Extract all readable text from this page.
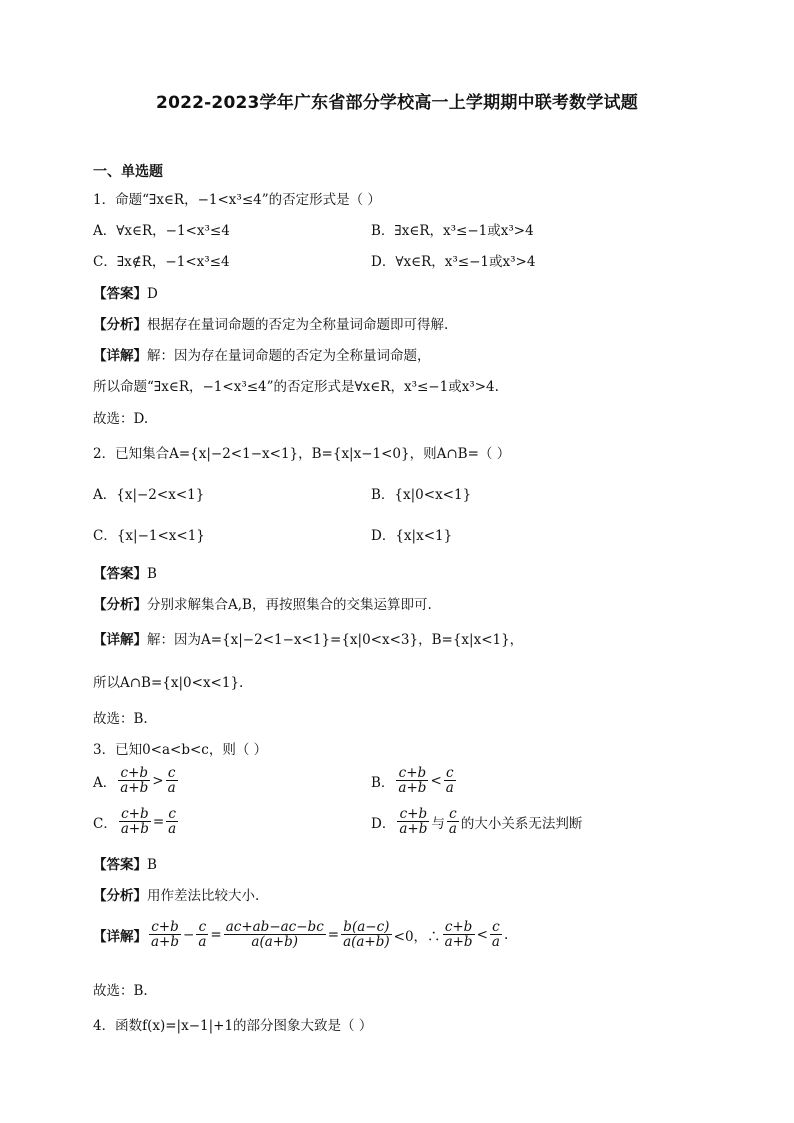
2022-2023学年广东省部分学校高一上学期期中联考数学试题
一、单选题
1．命题“∃x∈R，−1<x³≤4”的否定形式是（ ）
A．∀x∈R，−1<x³≤4	B．∃x∈R，x³≤−1或x³>4
C．∃x∉R，−1<x³≤4	D．∀x∈R，x³≤−1或x³>4
【答案】D
【分析】根据存在量词命题的否定为全称量词命题即可得解.
【详解】解：因为存在量词命题的否定为全称量词命题，
所以命题“∃x∈R，−1<x³≤4”的否定形式是∀x∈R，x³≤−1或x³>4.
故选：D.
2．已知集合A={x|−2<1−x<1}，B={x|x−1<0}，则A∩B=（ ）
A．{x|−2<x<1}	B．{x|0<x<1}
C．{x|−1<x<1}	D．{x|x<1}
【答案】B
【分析】分别求解集合A,B，再按照集合的交集运算即可.
【详解】解：因为A={x|−2<1−x<1}={x|0<x<3}，B={x|x<1}，
所以A∩B={x|0<x<1}.
故选：B.
3．已知0<a<b<c，则（ ）
A． $\frac{c+b}{a+b} > \frac{c}{a}$	B． $\frac{c+b}{a+b} < \frac{c}{a}$
C． $\frac{c+b}{a+b} = \frac{c}{a}$	D． $\frac{c+b}{a+b}$ 与 $\frac{c}{a}$ 的大小关系无法判断
【答案】B
【分析】用作差法比较大小.
【详解】 $\frac{c+b}{a+b} - \frac{c}{a} = \frac{ac+ab-ac-bc}{a(a+b)} = \frac{b(a-c)}{a(a+b)} <0$，∴ $\frac{c+b}{a+b} < \frac{c}{a}$ .
故选：B.
4．函数f(x)=|x−1|+1的部分图象大致是（ ）
